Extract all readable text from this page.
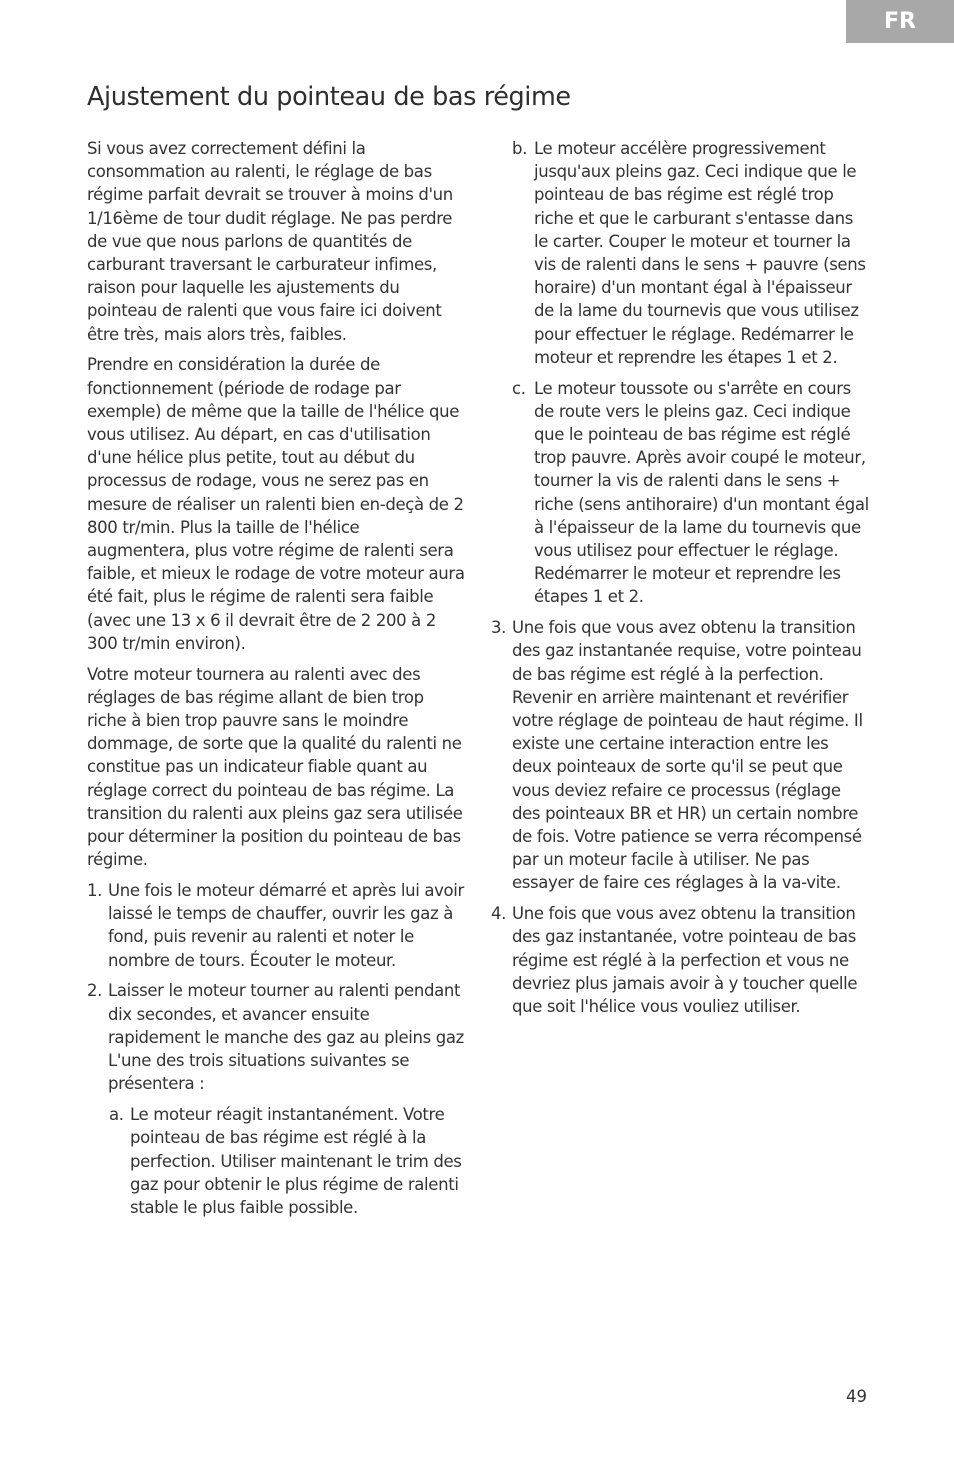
FR
Ajustement du pointeau de bas régime

Si vous avez correctement défini la consommation au ralenti, le réglage de bas régime parfait devrait se trouver à moins d'un 1/16ème de tour dudit réglage. Ne pas perdre de vue que nous parlons de quantités de carburant traversant le carburateur infimes, raison pour laquelle les ajustements du pointeau de ralenti que vous faire ici doivent être très, mais alors très, faibles.

Prendre en considération la durée de fonctionnement (période de rodage par exemple) de même que la taille de l'hélice que vous utilisez. Au départ, en cas d'utilisation d'une hélice plus petite, tout au début du processus de rodage, vous ne serez pas en mesure de réaliser un ralenti bien en-deçà de 2 800 tr/min. Plus la taille de l'hélice augmentera, plus votre régime de ralenti sera faible, et mieux le rodage de votre moteur aura été fait, plus le régime de ralenti sera faible (avec une 13 x 6 il devrait être de 2 200 à 2 300 tr/min environ).

Votre moteur tournera au ralenti avec des réglages de bas régime allant de bien trop riche à bien trop pauvre sans le moindre dommage, de sorte que la qualité du ralenti ne constitue pas un indicateur fiable quant au réglage correct du pointeau de bas régime. La transition du ralenti aux pleins gaz sera utilisée pour déterminer la position du pointeau de bas régime.

1. Une fois le moteur démarré et après lui avoir laissé le temps de chauffer, ouvrir les gaz à fond, puis revenir au ralenti et noter le nombre de tours. Écouter le moteur.
2. Laisser le moteur tourner au ralenti pendant dix secondes, et avancer ensuite rapidement le manche des gaz au pleins gaz L'une des trois situations suivantes se présentera :
a. Le moteur réagit instantanément. Votre pointeau de bas régime est réglé à la perfection. Utiliser maintenant le trim des gaz pour obtenir le plus régime de ralenti stable le plus faible possible.
b. Le moteur accélère progressivement jusqu'aux pleins gaz. Ceci indique que le pointeau de bas régime est réglé trop riche et que le carburant s'entasse dans le carter. Couper le moteur et tourner la vis de ralenti dans le sens + pauvre (sens horaire) d'un montant égal à l'épaisseur de la lame du tournevis que vous utilisez pour effectuer le réglage. Redémarrer le moteur et reprendre les étapes 1 et 2.
c. Le moteur toussote ou s'arrête en cours de route vers le pleins gaz. Ceci indique que le pointeau de bas régime est réglé trop pauvre. Après avoir coupé le moteur, tourner la vis de ralenti dans le sens + riche (sens antihoraire) d'un montant égal à l'épaisseur de la lame du tournevis que vous utilisez pour effectuer le réglage. Redémarrer le moteur et reprendre les étapes 1 et 2.
3. Une fois que vous avez obtenu la transition des gaz instantanée requise, votre pointeau de bas régime est réglé à la perfection. Revenir en arrière maintenant et revérifier votre réglage de pointeau de haut régime. Il existe une certaine interaction entre les deux pointeaux de sorte qu'il se peut que vous deviez refaire ce processus (réglage des pointeaux BR et HR) un certain nombre de fois. Votre patience se verra récompensé par un moteur facile à utiliser. Ne pas essayer de faire ces réglages à la va-vite.
4. Une fois que vous avez obtenu la transition des gaz instantanée, votre pointeau de bas régime est réglé à la perfection et vous ne devriez plus jamais avoir à y toucher quelle que soit l'hélice vous vouliez utiliser.
49
